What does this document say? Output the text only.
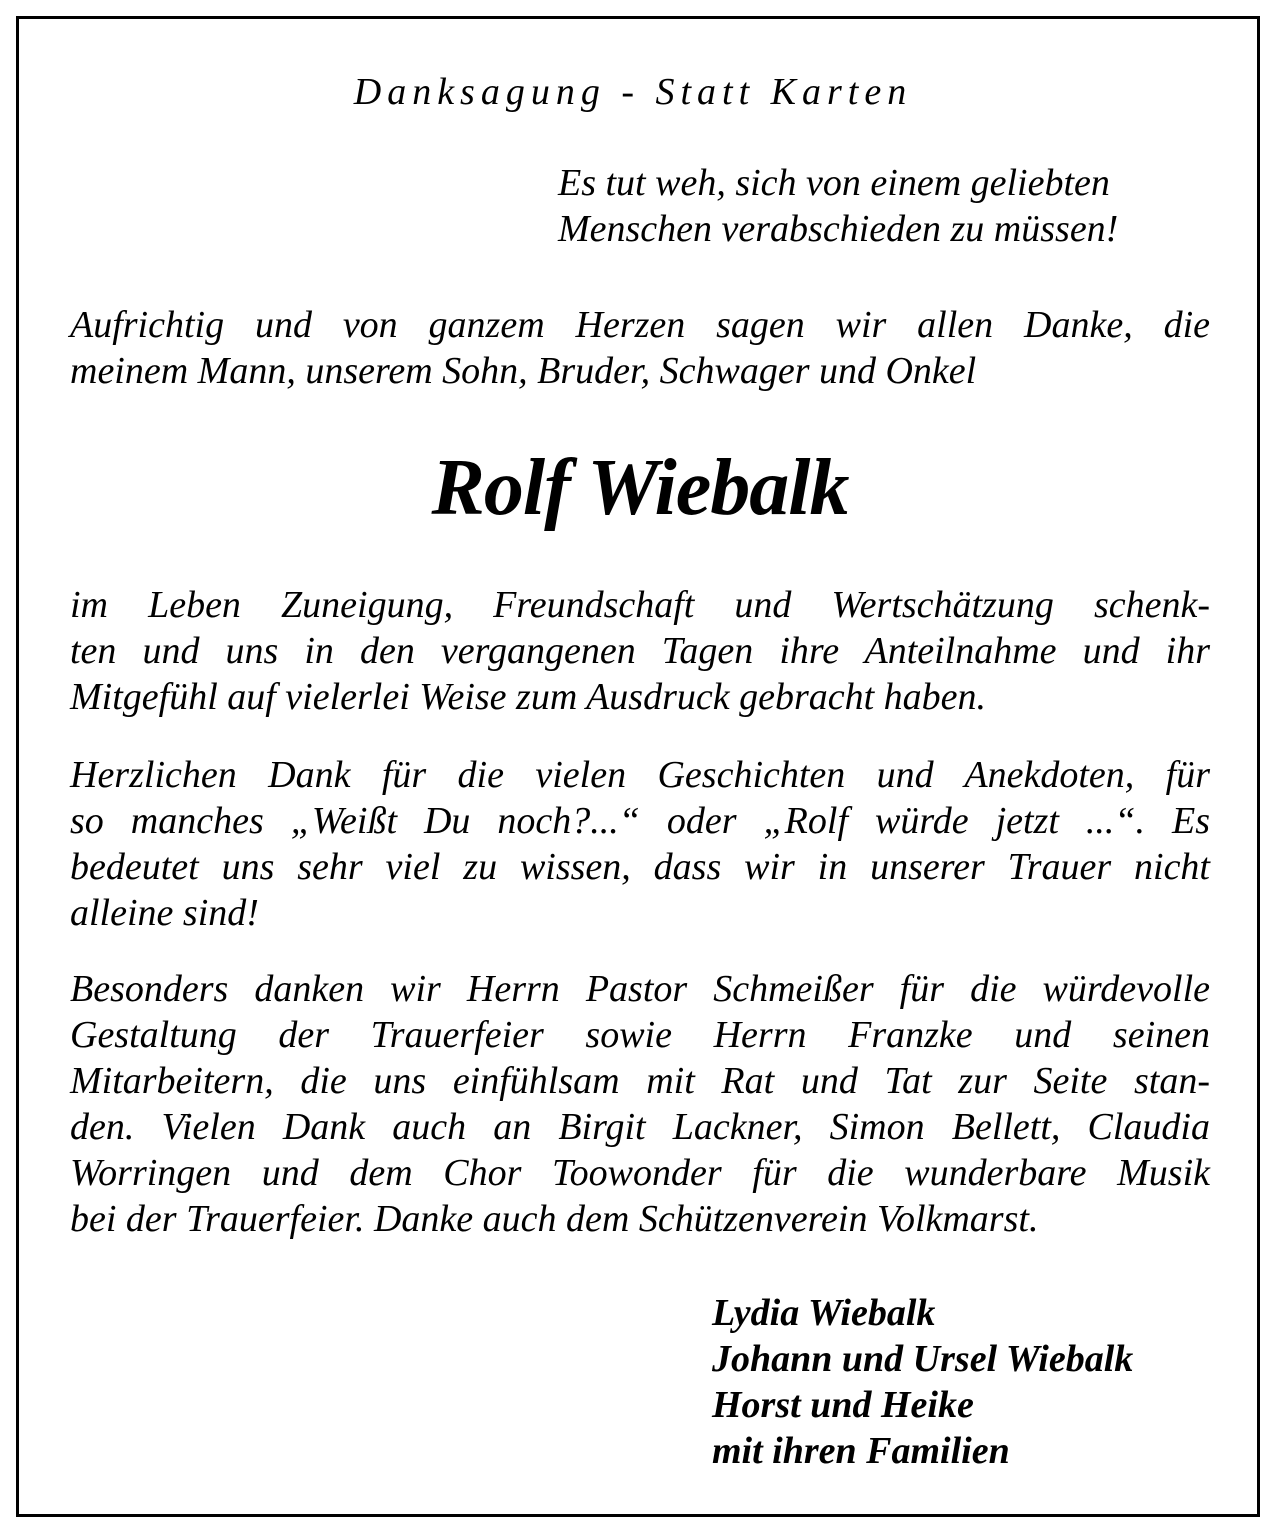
Danksagung - Statt Karten
Es tut weh, sich von einem geliebten
Menschen verabschieden zu müssen!
Aufrichtig und von ganzem Herzen sagen wir allen Danke, die
meinem Mann, unserem Sohn, Bruder, Schwager und Onkel
Rolf Wiebalk
im Leben Zuneigung, Freundschaft und Wertschätzung schenk-
ten und uns in den vergangenen Tagen ihre Anteilnahme und ihr
Mitgefühl auf vielerlei Weise zum Ausdruck gebracht haben.
Herzlichen Dank für die vielen Geschichten und Anekdoten, für
so manches „Weißt Du noch?...“ oder „Rolf würde jetzt ...“. Es
bedeutet uns sehr viel zu wissen, dass wir in unserer Trauer nicht
alleine sind!
Besonders danken wir Herrn Pastor Schmeißer für die würdevolle
Gestaltung der Trauerfeier sowie Herrn Franzke und seinen
Mitarbeitern, die uns einfühlsam mit Rat und Tat zur Seite stan-
den. Vielen Dank auch an Birgit Lackner, Simon Bellett, Claudia
Worringen und dem Chor Toowonder für die wunderbare Musik
bei der Trauerfeier. Danke auch dem Schützenverein Volkmarst.
Lydia Wiebalk
Johann und Ursel Wiebalk
Horst und Heike
mit ihren Familien
